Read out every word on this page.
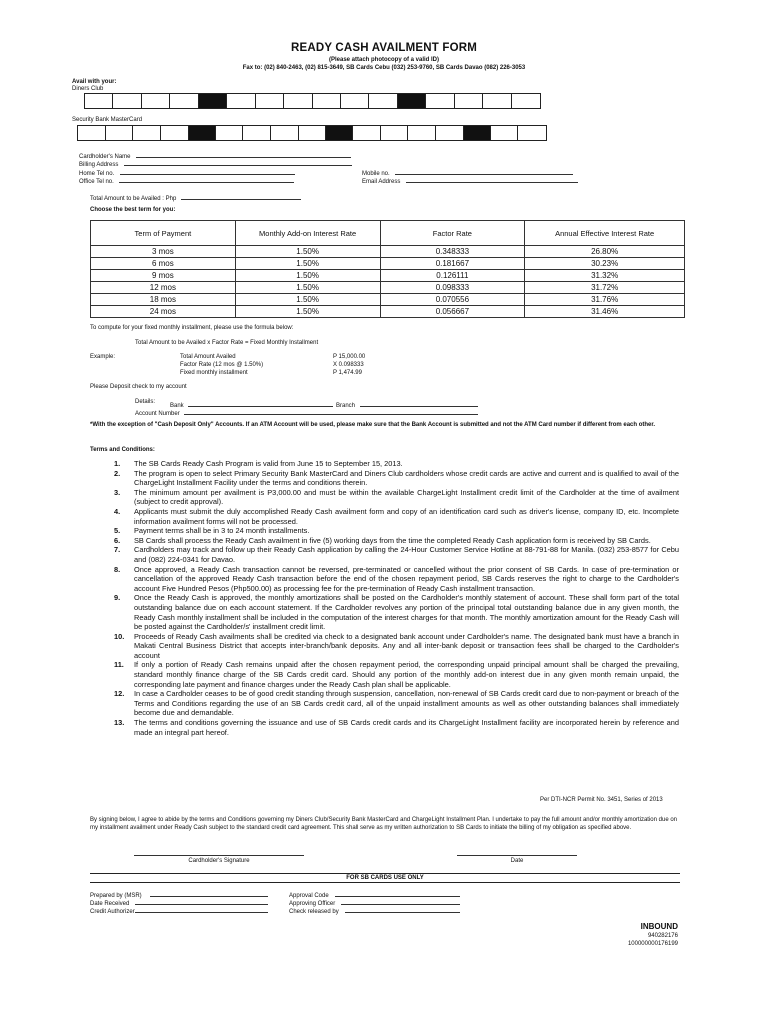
READY CASH AVAILMENT FORM
(Please attach photocopy of a valid ID)
Fax to: (02) 840-2463, (02) 815-3649, SB Cards Cebu (032) 253-9760, SB Cards Davao (082) 226-3053
Avail with your:
Diners Club
Security Bank MasterCard
Cardholder's Name
Billing Address
Home Tel no.
Office Tel no.
Mobile no.
Email Address
Total Amount to be Availed : Php
Choose the best term for you:
Term of Payment	Monthly Add-on Interest Rate	Factor Rate	Annual Effective Interest Rate
3 mos	1.50%	0.348333	26.80%
6 mos	1.50%	0.181667	30.23%
9 mos	1.50%	0.126111	31.32%
12 mos	1.50%	0.098333	31.72%
18 mos	1.50%	0.070556	31.76%
24 mos	1.50%	0.056667	31.46%
To compute for your fixed monthly installment, please use the formula below:
Total Amount to be Availed x Factor Rate = Fixed Monthly Installment
Example:	Total Amount Availed	P 15,000.00
Factor Rate (12 mos @ 1.50%)	X 0.098333
Fixed monthly installment	P 1,474.99
Please Deposit check to my account
Details:
Bank	Branch
Account Number
*With the exception of "Cash Deposit Only" Accounts. If an ATM Account will be used, please make sure that the Bank Account is submitted and not the ATM Card number if different from each other.
Terms and Conditions:
1.	The SB Cards Ready Cash Program is valid from June 15 to September 15, 2013.
2.	The program is open to select Primary Security Bank MasterCard and Diners Club cardholders whose credit cards are active and current and is qualified to avail of the ChargeLight Installment Facility under the terms and conditions therein.
3.	The minimum amount per availment is P3,000.00 and must be within the available ChargeLight Installment credit limit of the Cardholder at the time of availment (subject to credit approval).
4.	Applicants must submit the duly accomplished Ready Cash availment form and copy of an identification card such as driver's license, company ID, etc. Incomplete information availment forms will not be processed.
5.	Payment terms shall be in 3 to 24 month installments.
6.	SB Cards shall process the Ready Cash availment in five (5) working days from the time the completed Ready Cash application form is received by SB Cards.
7.	Cardholders may track and follow up their Ready Cash application by calling the 24-Hour Customer Service Hotline at 88-791-88 for Manila. (032) 253-8577 for Cebu and (082) 224-0341 for Davao.
8.	Once approved, a Ready Cash transaction cannot be reversed, pre-terminated or cancelled without the prior consent of SB Cards. In case of pre-termination or cancellation of the approved Ready Cash transaction before the end of the chosen repayment period, SB Cards reserves the right to charge to the Cardholder's account Five Hundred Pesos (Php500.00) as processing fee for the pre-termination of Ready Cash installment transaction.
9.	Once the Ready Cash is approved, the monthly amortizations shall be posted on the Cardholder's monthly statement of account. These shall form part of the total outstanding balance due on each account statement. If the Cardholder revolves any portion of the principal total outstanding balance due in any given month, the Ready Cash monthly installment shall be included in the computation of the interest charges for that month. The monthly amortization amount for the Ready Cash will be posted against the Cardholder/s' installment credit limit.
10.	Proceeds of Ready Cash availments shall be credited via check to a designated bank account under Cardholder's name. The designated bank must have a branch in Makati Central Business District that accepts inter-branch/bank deposits. Any and all inter-bank deposit or transaction fees shall be charged to the Cardholder's account
11.	If only a portion of Ready Cash remains unpaid after the chosen repayment period, the corresponding unpaid principal amount shall be charged the prevailing, standard monthly finance charge of the SB Cards credit card. Should any portion of the monthly add-on interest due in any given month remain unpaid, the corresponding late payment and finance charges under the Ready Cash plan shall be applicable.
12.	In case a Cardholder ceases to be of good credit standing through suspension, cancellation, non-renewal of SB Cards credit card due to non-payment or breach of the Terms and Conditions regarding the use of an SB Cards credit card, all of the unpaid installment amounts as well as other outstanding balances shall immediately become due and demandable.
13.	The terms and conditions governing the issuance and use of SB Cards credit cards and its ChargeLight Installment facility are incorporated herein by reference and made an integral part hereof.
Per DTI-NCR Permit No. 3451, Series of 2013
By signing below, I agree to abide by the terms and Conditions governing my Diners Club/Security Bank MasterCard and ChargeLight Installment Plan. I undertake to pay the full amount and/or monthly amortization due on my installment availment under Ready Cash subject to the standard credit card agreement. This shall serve as my written authorization to SB Cards to initiate the billing of my obligation as specified above.
Cardholder's Signature	Date
FOR SB CARDS USE ONLY
Prepared by (MSR)
Date Received
Credit Authorizer
Approval Code
Approving Officer
Check released by
INBOUND
940282176
100000000176199
